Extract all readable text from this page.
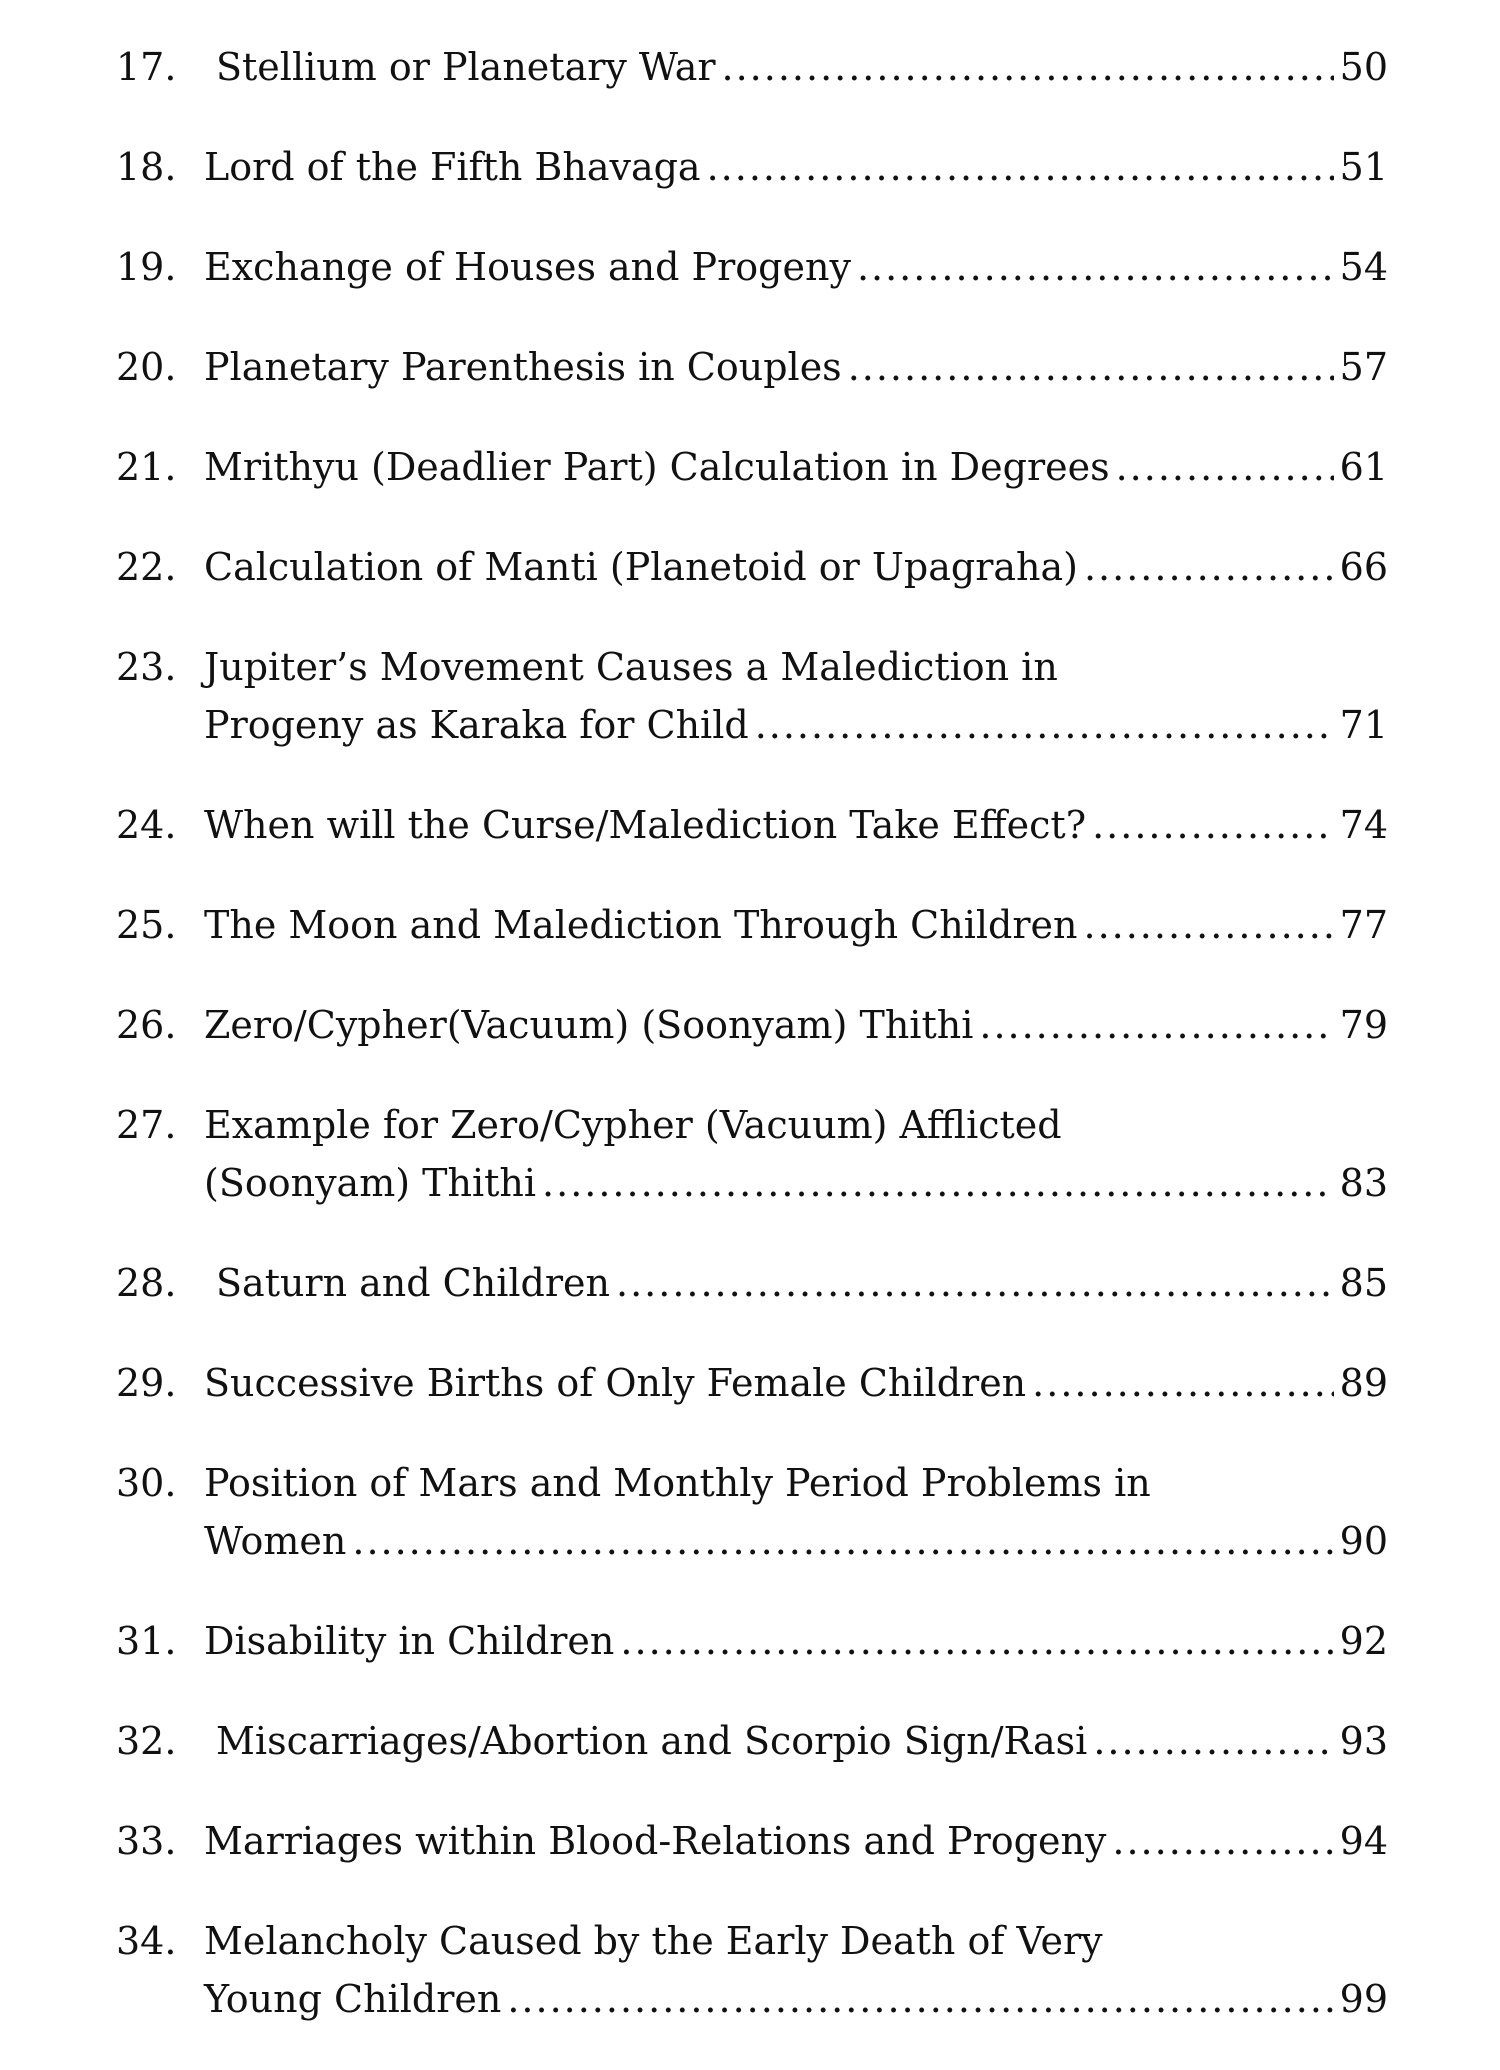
17.	Stellium or Planetary War .....	50
18. Lord of the Fifth Bhavaga .....	51
19. Exchange of Houses and Progeny .....	54
20. Planetary Parenthesis in Couples .....	57
21. Mrithyu (Deadlier Part) Calculation in Degrees .....	61
22. Calculation of Manti (Planetoid or Upagraha) .....	66
23. Jupiter’s Movement Causes a Malediction in
Progeny as Karaka for Child .....	71
24. When will the Curse/Malediction Take Effect? .....	74
25. The Moon and Malediction Through Children .....	77
26. Zero/Cypher(Vacuum) (Soonyam) Thithi .....	79
27. Example for Zero/Cypher (Vacuum) Afflicted
(Soonyam) Thithi .....	83
28.	Saturn and Children .....	85
29. Successive Births of Only Female Children .....	89
30. Position of Mars and Monthly Period Problems in
Women .....	90
31. Disability in Children .....	92
32.	Miscarriages/Abortion and Scorpio Sign/Rasi .....	93
33. Marriages within Blood-Relations and Progeny .....	94
34. Melancholy Caused by the Early Death of Very
Young Children .....	99
